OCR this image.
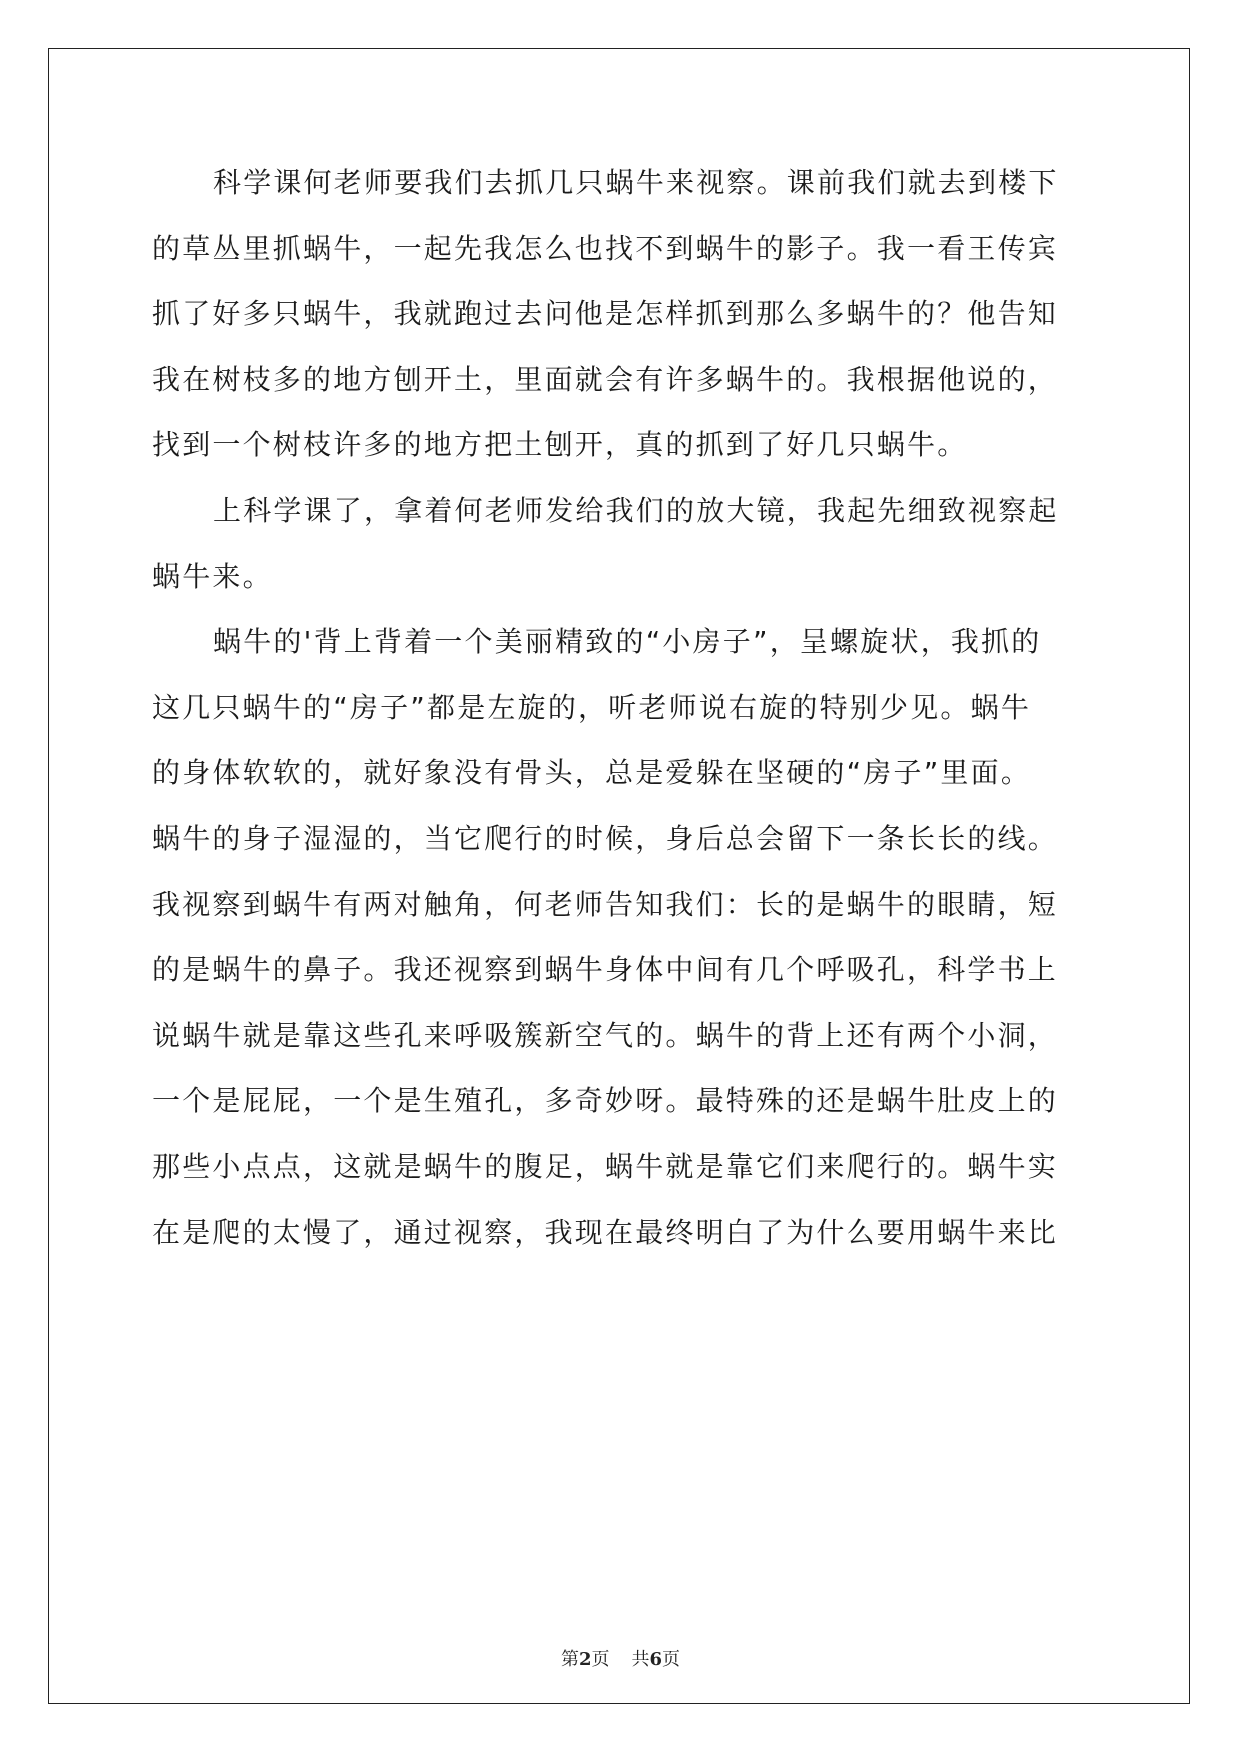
科学课何老师要我们去抓几只蜗牛来视察。课前我们就去到楼下
的草丛里抓蜗牛，一起先我怎么也找不到蜗牛的影子。我一看王传宾
抓了好多只蜗牛，我就跑过去问他是怎样抓到那么多蜗牛的？他告知
我在树枝多的地方刨开土，里面就会有许多蜗牛的。我根据他说的，
找到一个树枝许多的地方把土刨开，真的抓到了好几只蜗牛。
上科学课了，拿着何老师发给我们的放大镜，我起先细致视察起
蜗牛来。
蜗牛的'背上背着一个美丽精致的“小房子”，呈螺旋状，我抓的
这几只蜗牛的“房子”都是左旋的，听老师说右旋的特别少见。蜗牛
的身体软软的，就好象没有骨头，总是爱躲在坚硬的“房子”里面。
蜗牛的身子湿湿的，当它爬行的时候，身后总会留下一条长长的线。
我视察到蜗牛有两对触角，何老师告知我们：长的是蜗牛的眼睛，短
的是蜗牛的鼻子。我还视察到蜗牛身体中间有几个呼吸孔，科学书上
说蜗牛就是靠这些孔来呼吸簇新空气的。蜗牛的背上还有两个小洞，
一个是屁屁，一个是生殖孔，多奇妙呀。最特殊的还是蜗牛肚皮上的
那些小点点，这就是蜗牛的腹足，蜗牛就是靠它们来爬行的。蜗牛实
在是爬的太慢了，通过视察，我现在最终明白了为什么要用蜗牛来比
第2页 共6页
